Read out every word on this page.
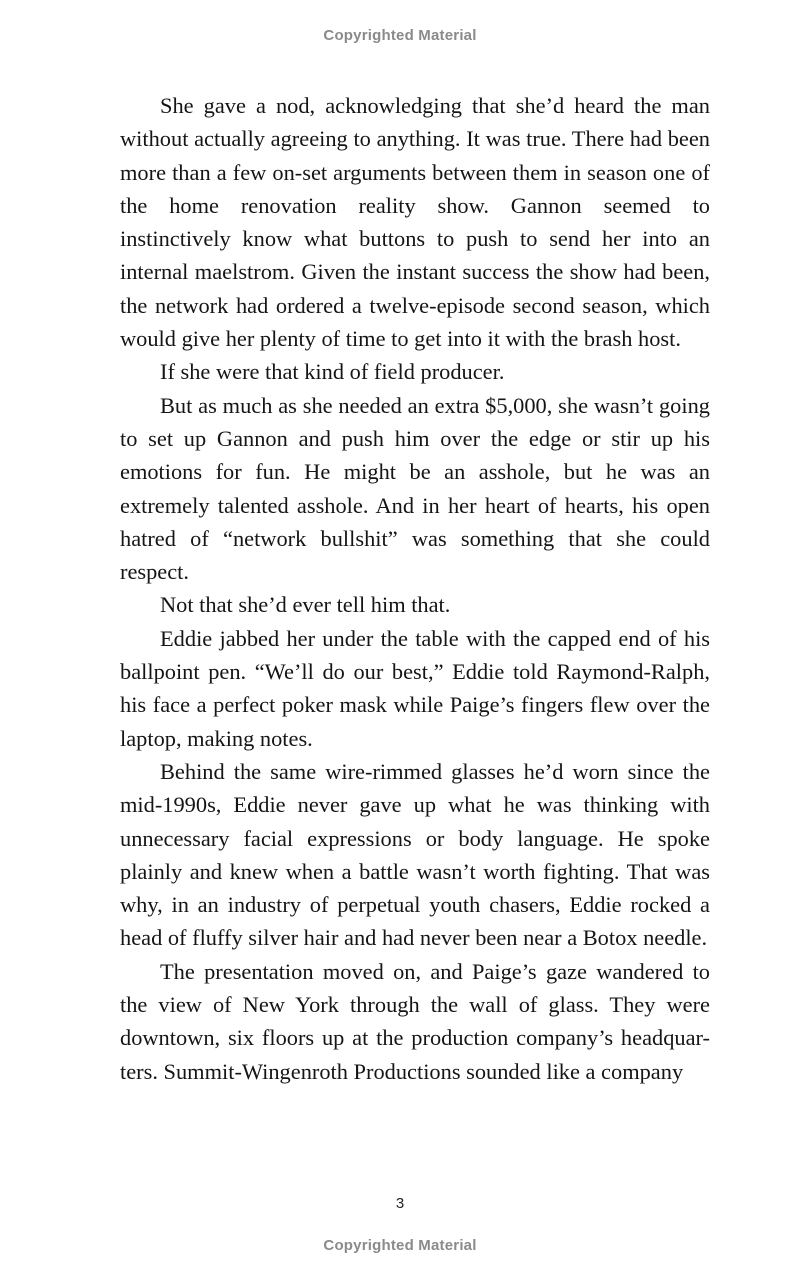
Copyrighted Material

She gave a nod, acknowledging that she’d heard the man without actually agreeing to anything. It was true. There had been more than a few on-set arguments between them in season one of the home renovation reality show. Gannon seemed to instinctively know what buttons to push to send her into an internal maelstrom. Given the instant success the show had been, the network had ordered a twelve-episode second season, which would give her plenty of time to get into it with the brash host.

If she were that kind of field producer.

But as much as she needed an extra $5,000, she wasn’t going to set up Gannon and push him over the edge or stir up his emotions for fun. He might be an asshole, but he was an extremely talented asshole. And in her heart of hearts, his open hatred of “network bullshit” was something that she could respect.

Not that she’d ever tell him that.

Eddie jabbed her under the table with the capped end of his ballpoint pen. “We’ll do our best,” Eddie told Raymond-Ralph, his face a perfect poker mask while Paige’s fingers flew over the laptop, making notes.

Behind the same wire-rimmed glasses he’d worn since the mid-1990s, Eddie never gave up what he was thinking with unnecessary facial expressions or body language. He spoke plainly and knew when a battle wasn’t worth fighting. That was why, in an industry of perpetual youth chasers, Eddie rocked a head of fluffy silver hair and had never been near a Botox needle.

The presentation moved on, and Paige’s gaze wandered to the view of New York through the wall of glass. They were downtown, six floors up at the production company’s headquar-ters. Summit-Wingenroth Productions sounded like a company

3
Copyrighted Material
